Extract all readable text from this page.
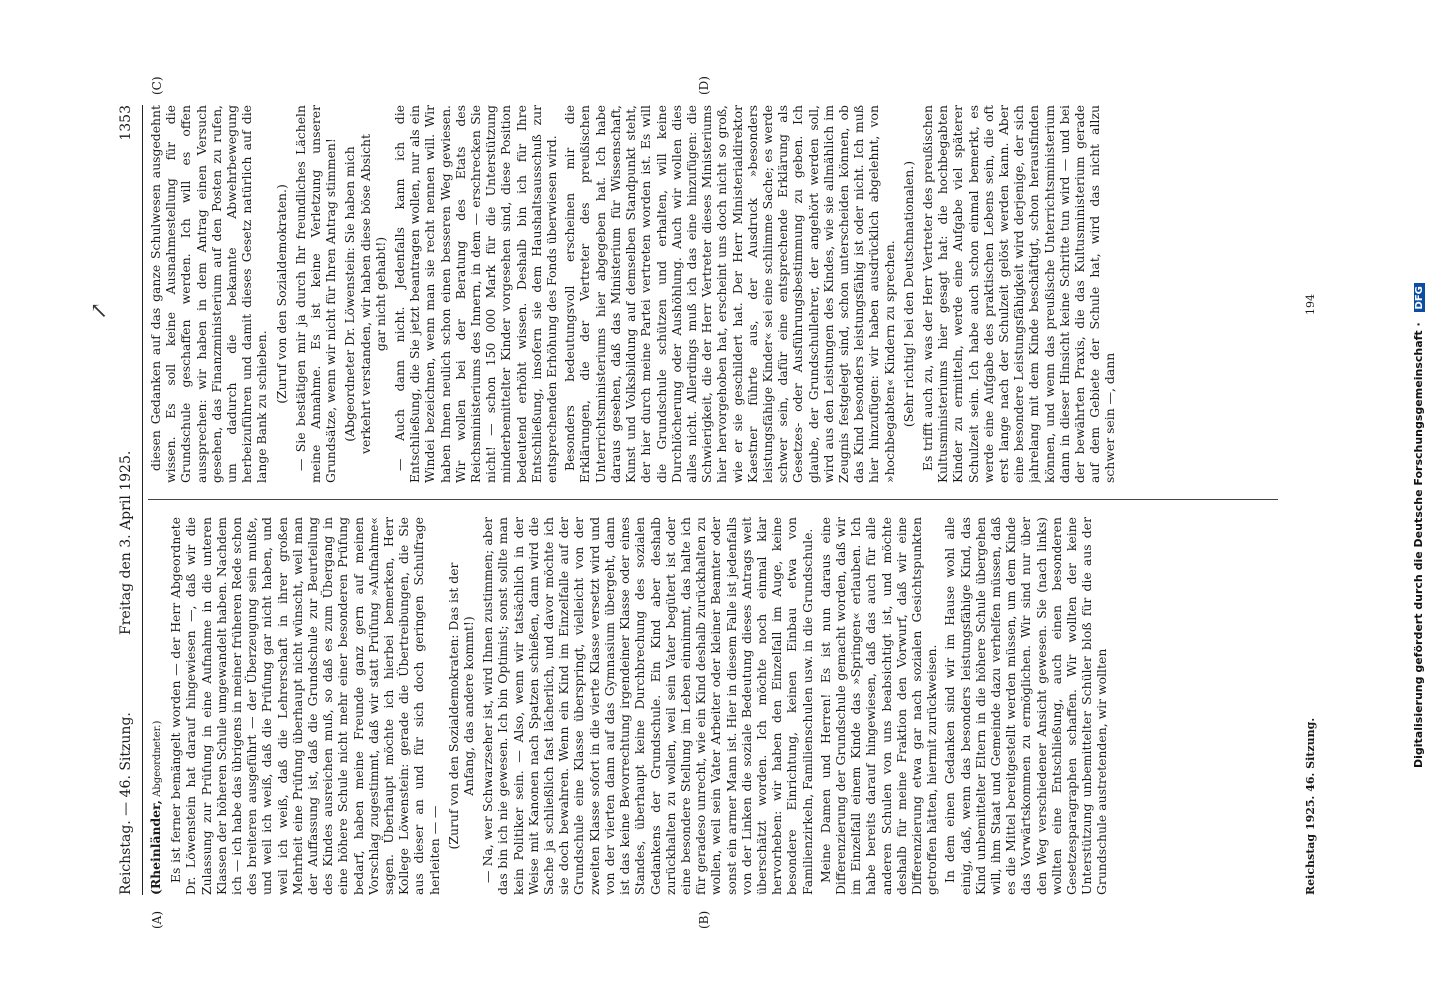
Reichstag. — 46. Sitzung.
Freitag den 3. April 1925.
1353
(A)	(B)
(C)	(D)
↗

(Rheinländer, Abgeordneter.) Es ist ferner bemängelt worden — der Herr Abgeordnete Dr. Löwenstein hat darauf hingewiesen —, daß wir die Zulassung zur Prüfung in eine Aufnahme in die unteren Klassen der höheren Schule umgewandelt haben. Nachdem ich — ich habe das übrigens in meiner früheren Rede schon des breiteren ausgeführt — der Überzeugung sein mußte, und weil ich weiß, daß die Prüfung gar nicht haben, und weil ich weiß, daß die Lehrerschaft in ihrer großen Mehrheit eine Prüfung überhaupt nicht wünscht, weil man der Auffassung ist, daß die Grundschule zur Beurteilung des Kindes ausreichen muß, so daß es zum Übergang in eine höhere Schule nicht mehr einer besonderen Prüfung bedarf, haben meine Freunde ganz gern auf meinen Vorschlag zugestimmt, daß wir statt Prüfung »Aufnahme« sagen. Überhaupt möchte ich hierbei bemerken, Herr Kollege Löwenstein: gerade die Übertreibungen, die Sie aus dieser an und für sich doch geringen Schulfrage herleiten — —

(Zuruf von den Sozialdemokraten: Das ist der Anfang, das andere kommt!) — Na, wer Schwarzseher ist, wird Ihnen zustimmen; aber das bin ich nie gewesen. Ich bin Optimist; sonst sollte man kein Politiker sein. — Also, wenn wir tatsächlich in der Weise mit Kanonen nach Spatzen schießen, dann wird die Sache ja schließlich fast lächerlich, und davor möchte ich sie doch bewahren. Wenn ein Kind im Einzelfalle auf der Grundschule eine Klasse überspringt, vielleicht von der zweiten Klasse sofort in die vierte Klasse versetzt wird und von der vierten dann auf das Gymnasium übergeht, dann ist das keine Bevorrechtung irgendeiner Klasse oder eines Standes, überhaupt keine Durchbrechung des sozialen Gedankens der Grundschule. Ein Kind aber deshalb zurückhalten zu wollen, weil sein Vater begütert ist oder eine besondere Stellung im Leben einnimmt, das halte ich für geradeso unrecht, wie ein Kind deshalb zurückhalten zu wollen, weil sein Vater Arbeiter oder kleiner Beamter oder sonst ein armer Mann ist. Hier in diesem Falle ist jedenfalls von der Linken die soziale Bedeutung dieses Antrags weit überschätzt worden. Ich möchte noch einmal klar hervorheben: wir haben den Einzelfall im Auge, keine besondere Einrichtung, keinen Einbau etwa von Familienzirkeln, Familienschulen usw. in die Grundschule. Meine Damen und Herren! Es ist nun daraus eine Differenzierung der Grundschule gemacht worden, daß wir im Einzelfall einem Kinde das »Springen« erlauben. Ich habe bereits darauf hingewiesen, daß das auch für alle anderen Schulen von uns beabsichtigt ist, und möchte deshalb für meine Fraktion den Vorwurf, daß wir eine Differenzierung etwa gar nach sozialen Gesichtspunkten getroffen hätten, hiermit zurückweisen. In dem einen Gedanken sind wir im Hause wohl alle einig, daß, wenn das besonders leistungsfähige Kind, das Kind unbemittelter Eltern in die höhere Schule übergehen will, ihm Staat und Gemeinde dazu verhelfen müssen, daß es die Mittel bereitgestellt werden müssen, um dem Kinde das Vorwärtskommen zu ermöglichen. Wir sind nur über den Weg verschiedener Ansicht gewesen. Sie (nach links) wollten eine Entschließung, auch einen besonderen Gesetzesparagraphen schaffen. Wir wollten der keine Unterstützung unbemittelter Schüler bloß für die aus der Grundschule austretenden, wir wollten

diesen Gedanken auf das ganze Schulwesen ausgedehnt wissen. Es soll keine Ausnahmestellung für die Grundschule geschaffen werden. Ich will es offen aussprechen: wir haben in dem Antrag einen Versuch gesehen, das Finanzministerium auf den Posten zu rufen, um dadurch die bekannte Abwehrbewegung herbeizuführen und damit dieses Gesetz natürlich auf die lange Bank zu schieben.

(Zuruf von den Sozialdemokraten.) — Sie bestätigen mir ja durch Ihr freundliches Lächeln meine Annahme. Es ist keine Verletzung unserer Grundsätze, wenn wir nicht für Ihren Antrag stimmen! (Abgeordneter Dr. Löwenstein: Sie haben mich verkehrt verstanden, wir haben diese böse Absicht gar nicht gehabt!) — Auch dann nicht. Jedenfalls kann ich die Entschließung, die Sie jetzt beantragen wollen, nur als ein Windei bezeichnen, wenn man sie recht nennen will. Wir haben Ihnen neulich schon einen besseren Weg gewiesen. Wir wollen bei der Beratung des Etats des Reichsministeriums des Innern, in dem — erschrecken Sie nicht! — schon 150 000 Mark für die Unterstützung minderbemittelter Kinder vorgesehen sind, diese Position bedeutend erhöht wissen. Deshalb bin ich für Ihre Entschließung, insofern sie dem Haushaltsausschuß zur entsprechenden Erhöhung des Fonds überwiesen wird. Besonders bedeutungsvoll erscheinen mir die Erklärungen, die der Vertreter des preußischen Unterrichtsministeriums hier abgegeben hat. Ich habe daraus gesehen, daß das Ministerium für Wissenschaft, Kunst und Volksbildung auf demselben Standpunkt steht, der hier durch meine Partei vertreten worden ist. Es will die Grundschule schützen und erhalten, will keine Durchlöcherung oder Aushöhlung. Auch wir wollen dies alles nicht. Allerdings muß ich das eine hinzufügen: die Schwierigkeit, die der Herr Vertreter dieses Ministeriums hier hervorgehoben hat, erscheint uns doch nicht so groß, wie er sie geschildert hat. Der Herr Ministerialdirektor Kaestner führte aus, der Ausdruck »besonders leistungsfähige Kinder« sei eine schlimme Sache; es werde schwer sein, dafür eine entsprechende Erklärung als Gesetzes- oder Ausführungsbestimmung zu geben. Ich glaube, der Grundschullehrer, der angehört werden soll, wird aus den Leistungen des Kindes, wie sie allmählich im Zeugnis festgelegt sind, schon unterscheiden können, ob das Kind besonders leistungsfähig ist oder nicht. Ich muß hier hinzufügen: wir haben ausdrücklich abgelehnt, von »hochbegabten« Kindern zu sprechen. (Sehr richtig! bei den Deutschnationalen.) Es trifft auch zu, was der Herr Vertreter des preußischen Kultusministeriums hier gesagt hat: die hochbegabten Kinder zu ermitteln, werde eine Aufgabe viel späterer Schulzeit sein. Ich habe auch schon einmal bemerkt, es werde eine Aufgabe des praktischen Lebens sein, die oft erst lange nach der Schulzeit gelöst werden kann. Aber eine besondere Leistungsfähigkeit wird derjenige, der sich jahrelang mit dem Kinde beschäftigt, schon herausfinden können, und wenn das preußische Unterrichtsministerium dann in dieser Hinsicht keine Schritte tun wird — und bei der bewährten Praxis, die das Kultusministerium gerade auf dem Gebiete der Schule hat, wird das nicht allzu schwer sein —, dann

Reichstag 1925. 46. Sitzung.
194
Digitalisierung gefördert durch die Deutsche Forschungsgemeinschaft · DFG
